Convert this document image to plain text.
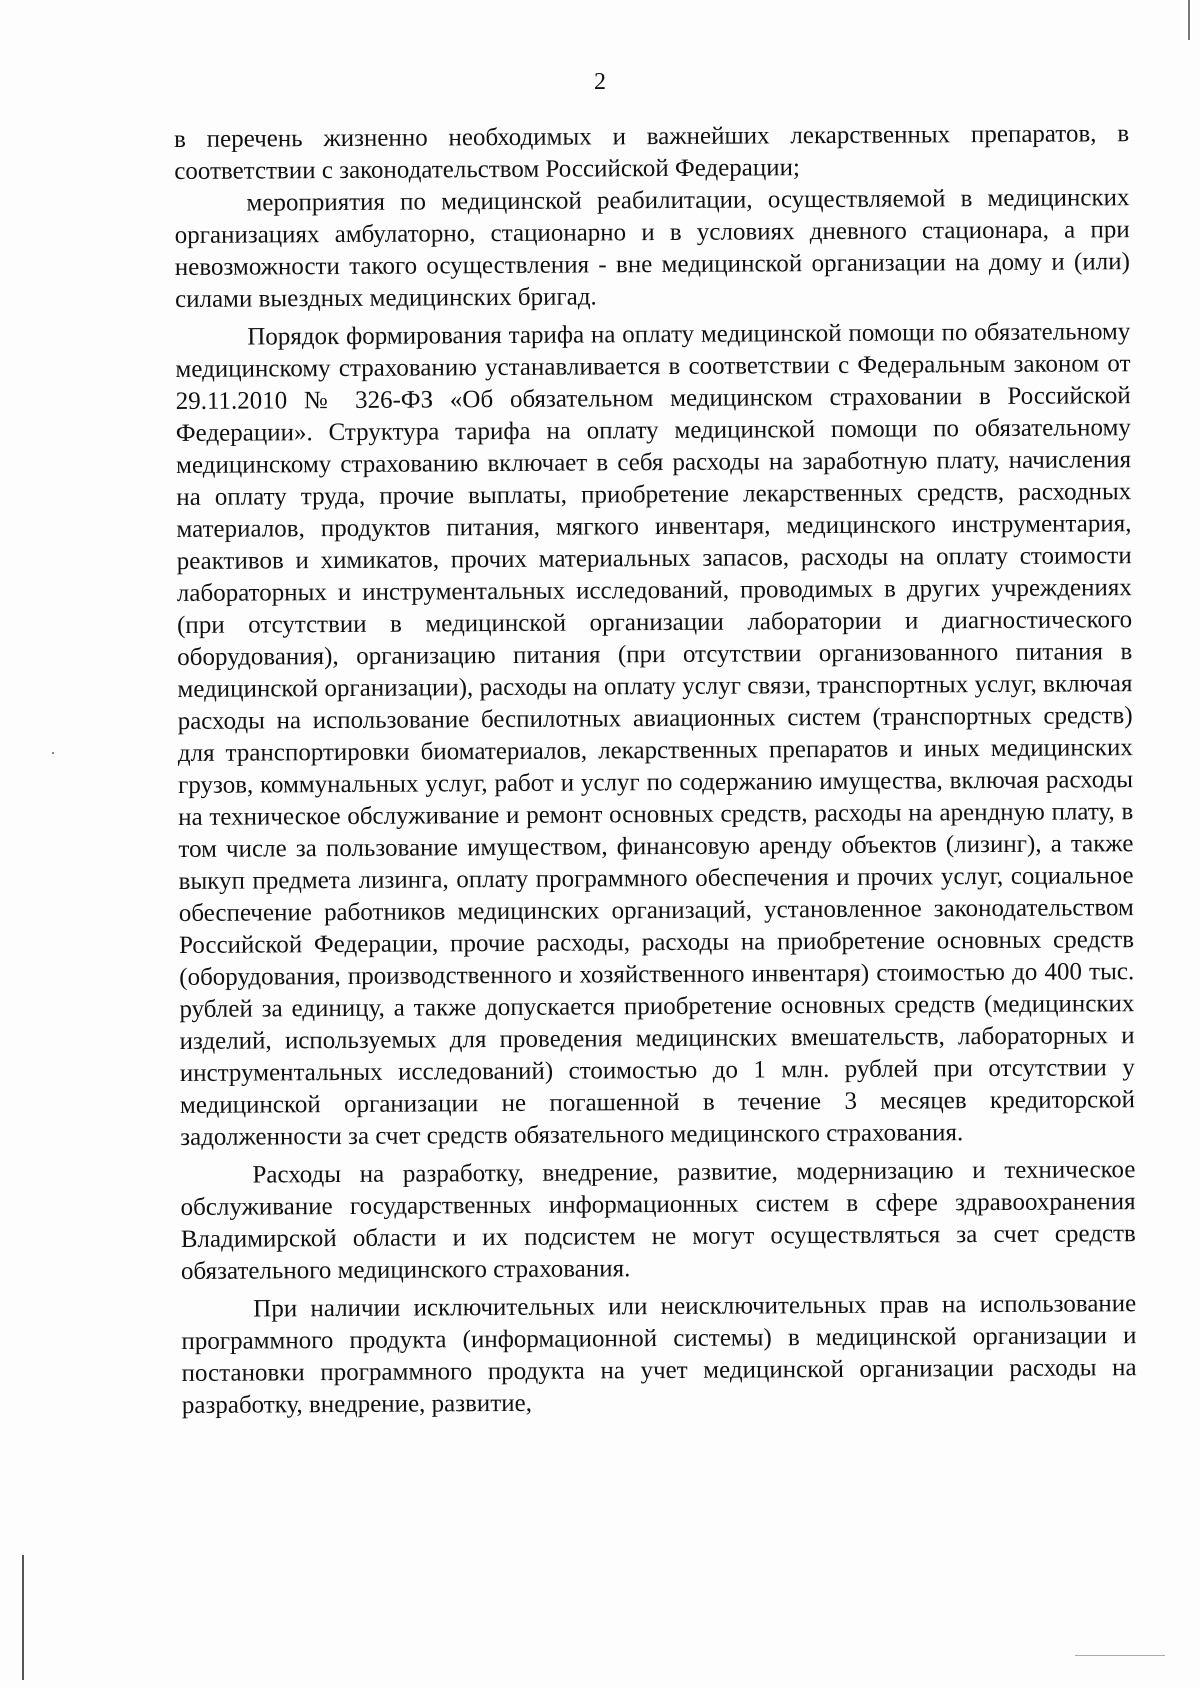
2

в перечень жизненно необходимых и важнейших лекарственных препаратов, в соответствии с законодательством Российской Федерации;

мероприятия по медицинской реабилитации, осуществляемой в медицинских организациях амбулаторно, стационарно и в условиях дневного стационара, а при невозможности такого осуществления - вне медицинской организации на дому и (или) силами выездных медицинских бригад.

Порядок формирования тарифа на оплату медицинской помощи по обязательному медицинскому страхованию устанавливается в соответствии с Федеральным законом от 29.11.2010 № 326-ФЗ «Об обязательном медицинском страховании в Российской Федерации». Структура тарифа на оплату медицинской помощи по обязательному медицинскому страхованию включает в себя расходы на заработную плату, начисления на оплату труда, прочие выплаты, приобретение лекарственных средств, расходных материалов, продуктов питания, мягкого инвентаря, медицинского инструментария, реактивов и химикатов, прочих материальных запасов, расходы на оплату стоимости лабораторных и инструментальных исследований, проводимых в других учреждениях (при отсутствии в медицинской организации лаборатории и диагностического оборудования), организацию питания (при отсутствии организованного питания в медицинской организации), расходы на оплату услуг связи, транспортных услуг, включая расходы на использование беспилотных авиационных систем (транспортных средств) для транспортировки биоматериалов, лекарственных препаратов и иных медицинских грузов, коммунальных услуг, работ и услуг по содержанию имущества, включая расходы на техническое обслуживание и ремонт основных средств, расходы на арендную плату, в том числе за пользование имуществом, финансовую аренду объектов (лизинг), а также выкуп предмета лизинга, оплату программного обеспечения и прочих услуг, социальное обеспечение работников медицинских организаций, установленное законодательством Российской Федерации, прочие расходы, расходы на приобретение основных средств (оборудования, производственного и хозяйственного инвентаря) стоимостью до 400 тыс. рублей за единицу, а также допускается приобретение основных средств (медицинских изделий, используемых для проведения медицинских вмешательств, лабораторных и инструментальных исследований) стоимостью до 1 млн. рублей при отсутствии у медицинской организации не погашенной в течение 3 месяцев кредиторской задолженности за счет средств обязательного медицинского страхования.

Расходы на разработку, внедрение, развитие, модернизацию и техническое обслуживание государственных информационных систем в сфере здравоохранения Владимирской области и их подсистем не могут осуществляться за счет средств обязательного медицинского страхования.

При наличии исключительных или неисключительных прав на использование программного продукта (информационной системы) в медицинской организации и постановки программного продукта на учет медицинской организации расходы на разработку, внедрение, развитие,
